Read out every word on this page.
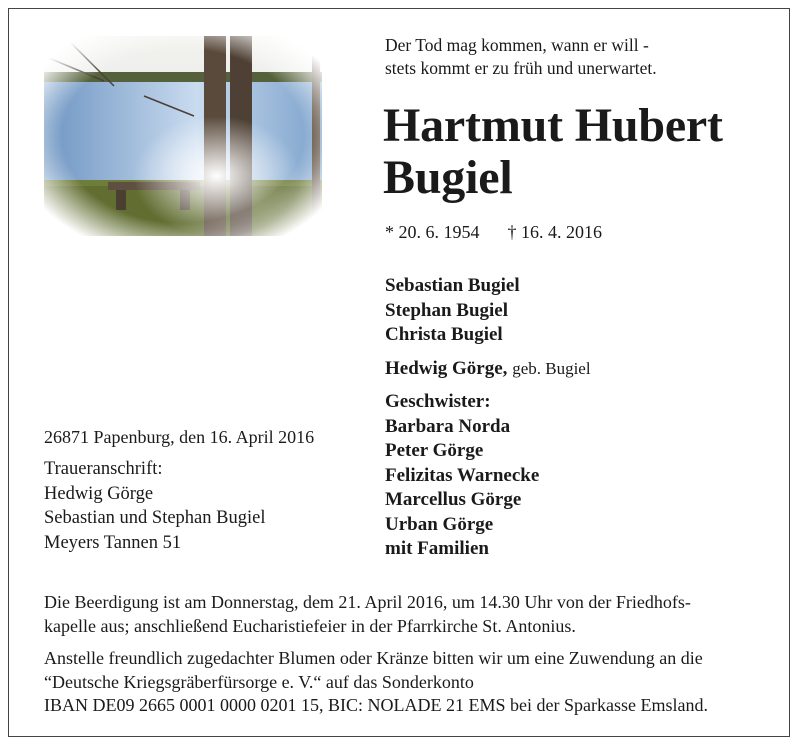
Der Tod mag kommen, wann er will -
stets kommt er zu früh und unerwartet.
Hartmut Hubert
Bugiel
* 20. 6. 1954 † 16. 4. 2016
Sebastian Bugiel
Stephan Bugiel
Christa Bugiel
Hedwig Görge, geb. Bugiel
Geschwister:
Barbara Norda
Peter Görge
Felizitas Warnecke
Marcellus Görge
Urban Görge
mit Familien
26871 Papenburg, den 16. April 2016
Traueranschrift:
Hedwig Görge
Sebastian und Stephan Bugiel
Meyers Tannen 51
Die Beerdigung ist am Donnerstag, dem 21. April 2016, um 14.30 Uhr von der Friedhofs-
kapelle aus; anschließend Eucharistiefeier in der Pfarrkirche St. Antonius.
Anstelle freundlich zugedachter Blumen oder Kränze bitten wir um eine Zuwendung an die
“Deutsche Kriegsgräberfürsorge e. V.“ auf das Sonderkonto
IBAN DE09 2665 0001 0000 0201 15, BIC: NOLADE 21 EMS bei der Sparkasse Emsland.
